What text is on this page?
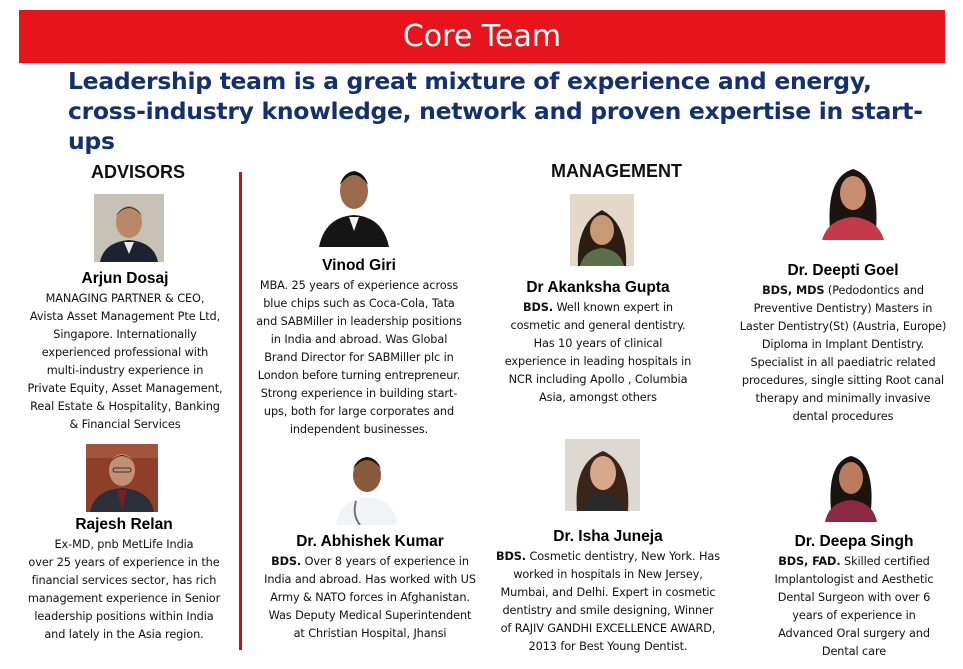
Core Team
Leadership team is a great mixture of experience and energy, cross-industry knowledge, network and proven expertise in start-ups
ADVISORS	MANAGEMENT
Arjun Dosaj
MANAGING PARTNER & CEO,
Avista Asset Management Pte Ltd,
Singapore. Internationally
experienced professional with
multi-industry experience in
Private Equity, Asset Management,
Real Estate & Hospitality, Banking
& Financial Services
Rajesh Relan
Ex-MD, pnb MetLife India
over 25 years of experience in the
financial services sector, has rich
management experience in Senior
leadership positions within India
and lately in the Asia region.
Vinod Giri
MBA. 25 years of experience across
blue chips such as Coca-Cola, Tata
and SABMiller in leadership positions
in India and abroad. Was Global
Brand Director for SABMiller plc in
London before turning entrepreneur.
Strong experience in building start-
ups, both for large corporates and
independent businesses.
Dr. Abhishek Kumar
BDS. Over 8 years of experience in
India and abroad. Has worked with US
Army & NATO forces in Afghanistan.
Was Deputy Medical Superintendent
at Christian Hospital, Jhansi
Dr Akanksha Gupta
BDS. Well known expert in
cosmetic and general dentistry.
Has 10 years of clinical
experience in leading hospitals in
NCR including Apollo , Columbia
Asia, amongst others
Dr. Isha Juneja
BDS. Cosmetic dentistry, New York. Has
worked in hospitals in New Jersey,
Mumbai, and Delhi. Expert in cosmetic
dentistry and smile designing, Winner
of RAJIV GANDHI EXCELLENCE AWARD,
2013 for Best Young Dentist.
Dr. Deepti Goel
BDS, MDS (Pedodontics and
Preventive Dentistry) Masters in
Laster Dentistry(St) (Austria, Europe)
Diploma in Implant Dentistry.
Specialist in all paediatric related
procedures, single sitting Root canal
therapy and minimally invasive
dental procedures
Dr. Deepa Singh
BDS, FAD. Skilled certified
Implantologist and Aesthetic
Dental Surgeon with over 6
years of experience in
Advanced Oral surgery and
Dental care
